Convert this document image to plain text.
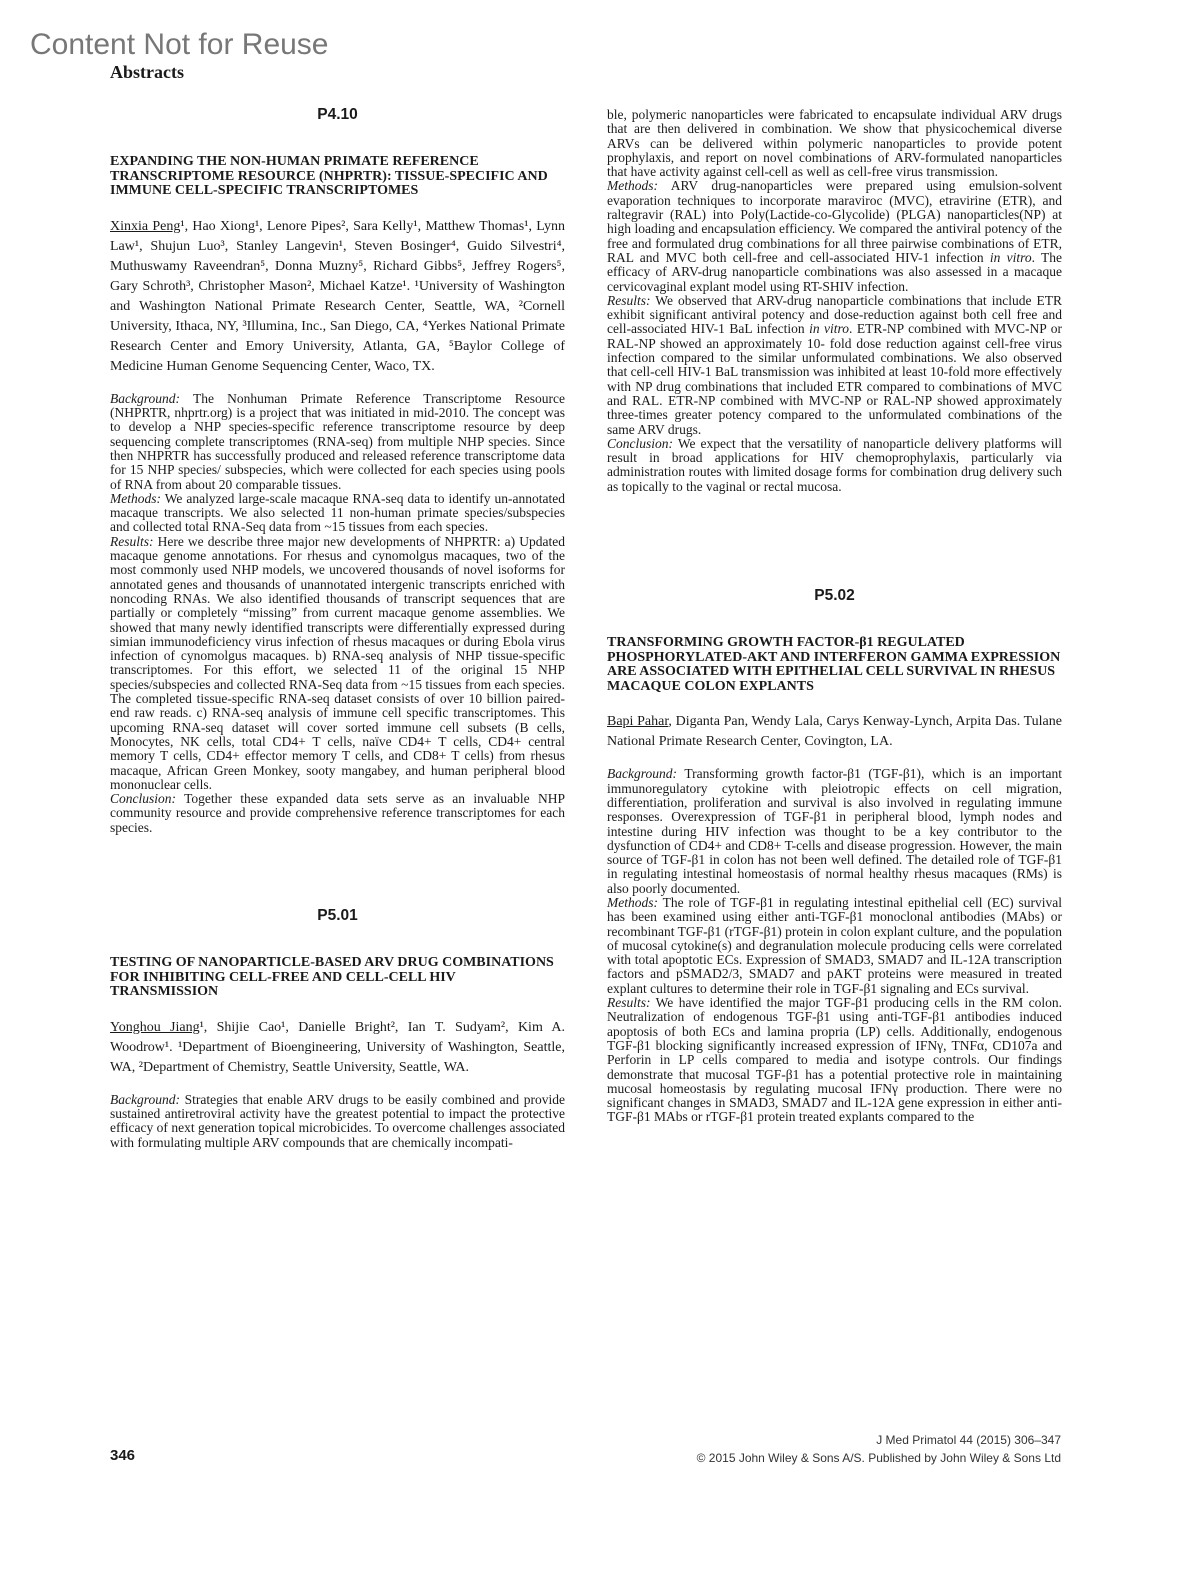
Content Not for Reuse
Abstracts
P4.10
EXPANDING THE NON-HUMAN PRIMATE REFERENCE TRANSCRIPTOME RESOURCE (NHPRTR): TISSUE-SPECIFIC AND IMMUNE CELL-SPECIFIC TRANSCRIPTOMES
Xinxia Peng¹, Hao Xiong¹, Lenore Pipes², Sara Kelly¹, Matthew Thomas¹, Lynn Law¹, Shujun Luo³, Stanley Langevin¹, Steven Bosinger⁴, Guido Silvestri⁴, Muthuswamy Raveendran⁵, Donna Muzny⁵, Richard Gibbs⁵, Jeffrey Rogers⁵, Gary Schroth³, Christopher Mason², Michael Katze¹. ¹University of Washington and Washington National Primate Research Center, Seattle, WA, ²Cornell University, Ithaca, NY, ³Illumina, Inc., San Diego, CA, ⁴Yerkes National Primate Research Center and Emory University, Atlanta, GA, ⁵Baylor College of Medicine Human Genome Sequencing Center, Waco, TX.

Background: The Nonhuman Primate Reference Transcriptome Resource (NHPRTR, nhprtr.org) is a project that was initiated in mid-2010. The concept was to develop a NHP species-specific reference transcriptome resource by deep sequencing complete transcriptomes (RNA-seq) from multiple NHP species. Since then NHPRTR has successfully produced and released reference transcriptome data for 15 NHP species/ subspecies, which were collected for each species using pools of RNA from about 20 comparable tissues.

Methods: We analyzed large-scale macaque RNA-seq data to identify un-annotated macaque transcripts. We also selected 11 non-human primate species/subspecies and collected total RNA-Seq data from ~15 tissues from each species.

Results: Here we describe three major new developments of NHPRTR: a) Updated macaque genome annotations. For rhesus and cynomolgus macaques, two of the most commonly used NHP models, we uncovered thousands of novel isoforms for annotated genes and thousands of unannotated intergenic transcripts enriched with noncoding RNAs. We also identified thousands of transcript sequences that are partially or completely “missing” from current macaque genome assemblies. We showed that many newly identified transcripts were differentially expressed during simian immunodeficiency virus infection of rhesus macaques or during Ebola virus infection of cynomolgus macaques. b) RNA-seq analysis of NHP tissue-specific transcriptomes. For this effort, we selected 11 of the original 15 NHP species/subspecies and collected RNA-Seq data from ~15 tissues from each species. The completed tissue-specific RNA-seq dataset consists of over 10 billion paired-end raw reads. c) RNA-seq analysis of immune cell specific transcriptomes. This upcoming RNA-seq dataset will cover sorted immune cell subsets (B cells, Monocytes, NK cells, total CD4+ T cells, naïve CD4+ T cells, CD4+ central memory T cells, CD4+ effector memory T cells, and CD8+ T cells) from rhesus macaque, African Green Monkey, sooty mangabey, and human peripheral blood mononuclear cells.

Conclusion: Together these expanded data sets serve as an invaluable NHP community resource and provide comprehensive reference transcriptomes for each species.

P5.01
TESTING OF NANOPARTICLE-BASED ARV DRUG COMBINATIONS FOR INHIBITING CELL-FREE AND CELL-CELL HIV TRANSMISSION
Yonghou Jiang¹, Shijie Cao¹, Danielle Bright², Ian T. Sudyam², Kim A. Woodrow¹. ¹Department of Bioengineering, University of Washington, Seattle, WA, ²Department of Chemistry, Seattle University, Seattle, WA.

Background: Strategies that enable ARV drugs to be easily combined and provide sustained antiretroviral activity have the greatest potential to impact the protective efficacy of next generation topical microbicides. To overcome challenges associated with formulating multiple ARV compounds that are chemically incompati-

ble, polymeric nanoparticles were fabricated to encapsulate individual ARV drugs that are then delivered in combination. We show that physicochemical diverse ARVs can be delivered within polymeric nanoparticles to provide potent prophylaxis, and report on novel combinations of ARV-formulated nanoparticles that have activity against cell-cell as well as cell-free virus transmission.

Methods: ARV drug-nanoparticles were prepared using emulsion-solvent evaporation techniques to incorporate maraviroc (MVC), etravirine (ETR), and raltegravir (RAL) into Poly(Lactide-co-Glycolide) (PLGA) nanoparticles(NP) at high loading and encapsulation efficiency. We compared the antiviral potency of the free and formulated drug combinations for all three pairwise combinations of ETR, RAL and MVC both cell-free and cell-associated HIV-1 infection in vitro. The efficacy of ARV-drug nanoparticle combinations was also assessed in a macaque cervicovaginal explant model using RT-SHIV infection.

Results: We observed that ARV-drug nanoparticle combinations that include ETR exhibit significant antiviral potency and dose-reduction against both cell free and cell-associated HIV-1 BaL infection in vitro. ETR-NP combined with MVC-NP or RAL-NP showed an approximately 10- fold dose reduction against cell-free virus infection compared to the similar unformulated combinations. We also observed that cell-cell HIV-1 BaL transmission was inhibited at least 10-fold more effectively with NP drug combinations that included ETR compared to combinations of MVC and RAL. ETR-NP combined with MVC-NP or RAL-NP showed approximately three-times greater potency compared to the unformulated combinations of the same ARV drugs.

Conclusion: We expect that the versatility of nanoparticle delivery platforms will result in broad applications for HIV chemoprophylaxis, particularly via administration routes with limited dosage forms for combination drug delivery such as topically to the vaginal or rectal mucosa.

P5.02
TRANSFORMING GROWTH FACTOR-β1 REGULATED PHOSPHORYLATED-AKT AND INTERFERON GAMMA EXPRESSION ARE ASSOCIATED WITH EPITHELIAL CELL SURVIVAL IN RHESUS MACAQUE COLON EXPLANTS
Bapi Pahar, Diganta Pan, Wendy Lala, Carys Kenway-Lynch, Arpita Das. Tulane National Primate Research Center, Covington, LA.

Background: Transforming growth factor-β1 (TGF-β1), which is an important immunoregulatory cytokine with pleiotropic effects on cell migration, differentiation, proliferation and survival is also involved in regulating immune responses. Overexpression of TGF-β1 in peripheral blood, lymph nodes and intestine during HIV infection was thought to be a key contributor to the dysfunction of CD4+ and CD8+ T-cells and disease progression. However, the main source of TGF-β1 in colon has not been well defined. The detailed role of TGF-β1 in regulating intestinal homeostasis of normal healthy rhesus macaques (RMs) is also poorly documented.

Methods: The role of TGF-β1 in regulating intestinal epithelial cell (EC) survival has been examined using either anti-TGF-β1 monoclonal antibodies (MAbs) or recombinant TGF-β1 (rTGF-β1) protein in colon explant culture, and the population of mucosal cytokine(s) and degranulation molecule producing cells were correlated with total apoptotic ECs. Expression of SMAD3, SMAD7 and IL-12A transcription factors and pSMAD2/3, SMAD7 and pAKT proteins were measured in treated explant cultures to determine their role in TGF-β1 signaling and ECs survival.

Results: We have identified the major TGF-β1 producing cells in the RM colon. Neutralization of endogenous TGF-β1 using anti-TGF-β1 antibodies induced apoptosis of both ECs and lamina propria (LP) cells. Additionally, endogenous TGF-β1 blocking significantly increased expression of IFNγ, TNFα, CD107a and Perforin in LP cells compared to media and isotype controls. Our findings demonstrate that mucosal TGF-β1 has a potential protective role in maintaining mucosal homeostasis by regulating mucosal IFNγ production. There were no significant changes in SMAD3, SMAD7 and IL-12A gene expression in either anti-TGF-β1 MAbs or rTGF-β1 protein treated explants compared to the

346
J Med Primatol 44 (2015) 306–347
© 2015 John Wiley & Sons A/S. Published by John Wiley & Sons Ltd
